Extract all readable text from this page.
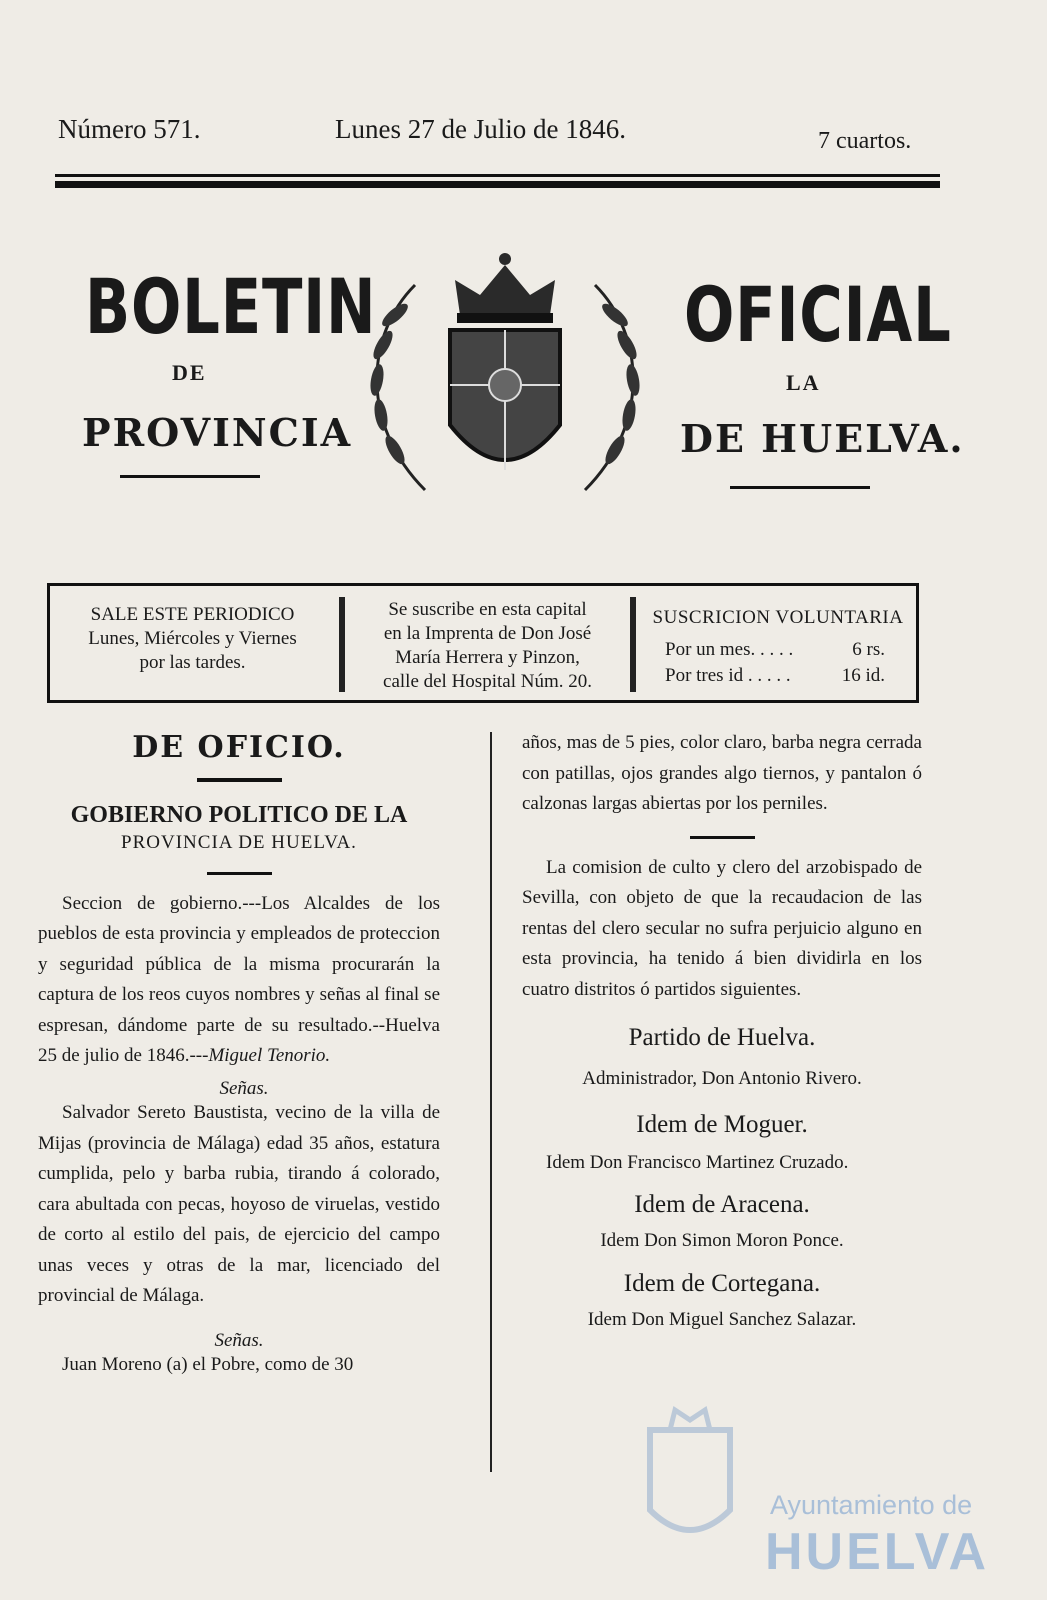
Número 571.	Lunes 27 de Julio de 1846.	7 cuartos.
BOLETIN	OFICIAL
DE	LA
PROVINCIA	DE HUELVA.
SALE ESTE PERIODICO
Lunes, Miércoles y Viernes
por las tardes.
Se suscribe en esta capital
en la Imprenta de Don José
María Herrera y Pinzon,
calle del Hospital Núm. 20.
SUSCRICION VOLUNTARIA
Por un mes. . . . .	6 rs.
Por tres id . . . . .	16 id.
DE OFICIO.
GOBIERNO POLITICO DE LA
PROVINCIA DE HUELVA.

Seccion de gobierno.---Los Alcaldes de los pueblos de esta provincia y empleados de proteccion y seguridad pública de la misma procurarán la captura de los reos cuyos nombres y señas al final se espresan, dándome parte de su resultado.--Huelva 25 de julio de 1846.---Miguel Tenorio.

Señas.

Salvador Sereto Baustista, vecino de la villa de Mijas (provincia de Málaga) edad 35 años, estatura cumplida, pelo y barba rubia, tirando á colorado, cara abultada con pecas, hoyoso de viruelas, vestido de corto al estilo del pais, de ejercicio del campo unas veces y otras de la mar, licenciado del provincial de Málaga.

Señas.

Juan Moreno (a) el Pobre, como de 30

años, mas de 5 pies, color claro, barba negra cerrada con patillas, ojos grandes algo tiernos, y pantalon ó calzonas largas abiertas por los perniles.

La comision de culto y clero del arzobispado de Sevilla, con objeto de que la recaudacion de las rentas del clero secular no sufra perjuicio alguno en esta provincia, ha tenido á bien dividirla en los cuatro distritos ó partidos siguientes.

Partido de Huelva.
Administrador, Don Antonio Rivero.
Idem de Moguer.

Idem Don Francisco Martinez Cruzado.

Idem de Aracena.
Idem Don Simon Moron Ponce.
Idem de Cortegana.
Idem Don Miguel Sanchez Salazar.
Ayuntamiento de
HUELVA
